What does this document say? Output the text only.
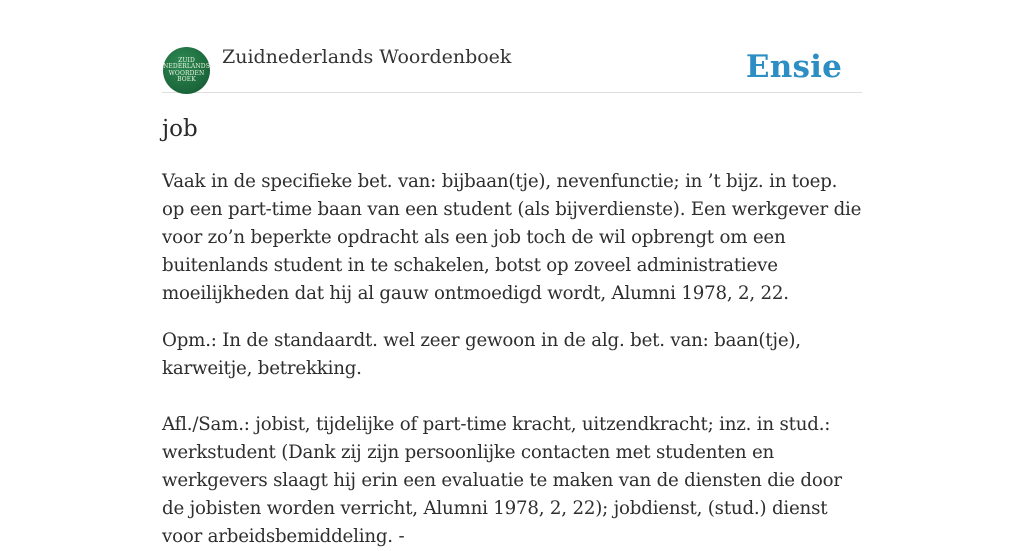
ZUID
NEDERLANDS
WOORDEN
BOEK
Zuidnederlands Woordenboek	Ensie
job
Vaak in de specifieke bet. van: bijbaan(tje), nevenfunctie; in ’t bijz. in toep. op een part-time baan van een student (als bijverdienste). Een werkgever die voor zo’n beperkte opdracht als een job toch de wil opbrengt om een buitenlands student in te schakelen, botst op zoveel administratieve moeilijkheden dat hij al gauw ontmoedigd wordt, Alumni 1978, 2, 22.
Opm.: In de standaardt. wel zeer gewoon in de alg. bet. van: baan(tje), karweitje, betrekking.
Afl./Sam.: jobist, tijdelijke of part-time kracht, uitzendkracht; inz. in stud.: werkstudent (Dank zij zijn persoonlijke contacten met studenten en werkgevers slaagt hij erin een evaluatie te maken van de diensten die door de jobisten worden verricht, Alumni 1978, 2, 22); jobdienst, (stud.) dienst voor arbeidsbemiddeling. -
